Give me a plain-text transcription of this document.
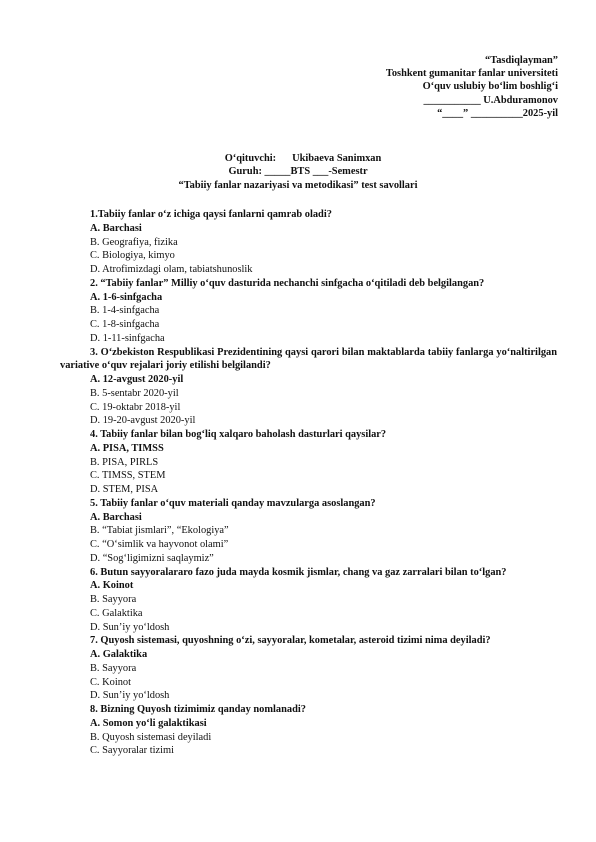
“Tasdiqlayman”
Toshkent gumanitar fanlar universiteti
O‘quv uslubiy bo‘lim boshlig‘i
___________ U.Abduramonov
“____” __________2025-yil
O‘qituvchi: Ukibaeva Sanimxan
Guruh: _____BTS ___-Semestr
“Tabiiy fanlar nazariyasi va metodikasi” test savollari

1.Tabiiy fanlar o‘z ichiga qaysi fanlarni qamrab oladi?

A. Barchasi

B. Geografiya, fizika

C. Biologiya, kimyo

D. Atrofimizdagi olam, tabiatshunoslik

2. “Tabiiy fanlar” Milliy o‘quv dasturida nechanchi sinfgacha o‘qitiladi deb belgilangan?

A. 1-6-sinfgacha

B. 1-4-sinfgacha

C. 1-8-sinfgacha

D. 1-11-sinfgacha

3. O‘zbekiston Respublikasi Prezidentining qaysi qarori bilan maktablarda tabiiy fanlarga yo‘naltirilgan variative o‘quv rejalari joriy etilishi belgilandi?

A. 12-avgust 2020-yil

B. 5-sentabr 2020-yil

C. 19-oktabr 2018-yil

D. 19-20-avgust 2020-yil

4. Tabiiy fanlar bilan bog‘liq xalqaro baholash dasturlari qaysilar?

A. PISA, TIMSS

B. PISA, PIRLS

C. TIMSS, STEM

D. STEM, PISA

5. Tabiiy fanlar o‘quv materiali qanday mavzularga asoslangan?

A. Barchasi

B. “Tabiat jismlari”, “Ekologiya”

C. “O‘simlik va hayvonot olami”

D. “Sog‘ligimizni saqlaymiz”

6. Butun sayyoralararo fazo juda mayda kosmik jismlar, chang va gaz zarralari bilan to‘lgan?

A. Koinot

B. Sayyora

C. Galaktika

D. Sun’iy yo‘ldosh

7. Quyosh sistemasi, quyoshning o‘zi, sayyoralar, kometalar, asteroid tizimi nima deyiladi?

A. Galaktika

B. Sayyora

C. Koinot

D. Sun’iy yo‘ldosh

8. Bizning Quyosh tizimimiz qanday nomlanadi?

A. Somon yo‘li galaktikasi

B. Quyosh sistemasi deyiladi

C. Sayyoralar tizimi
